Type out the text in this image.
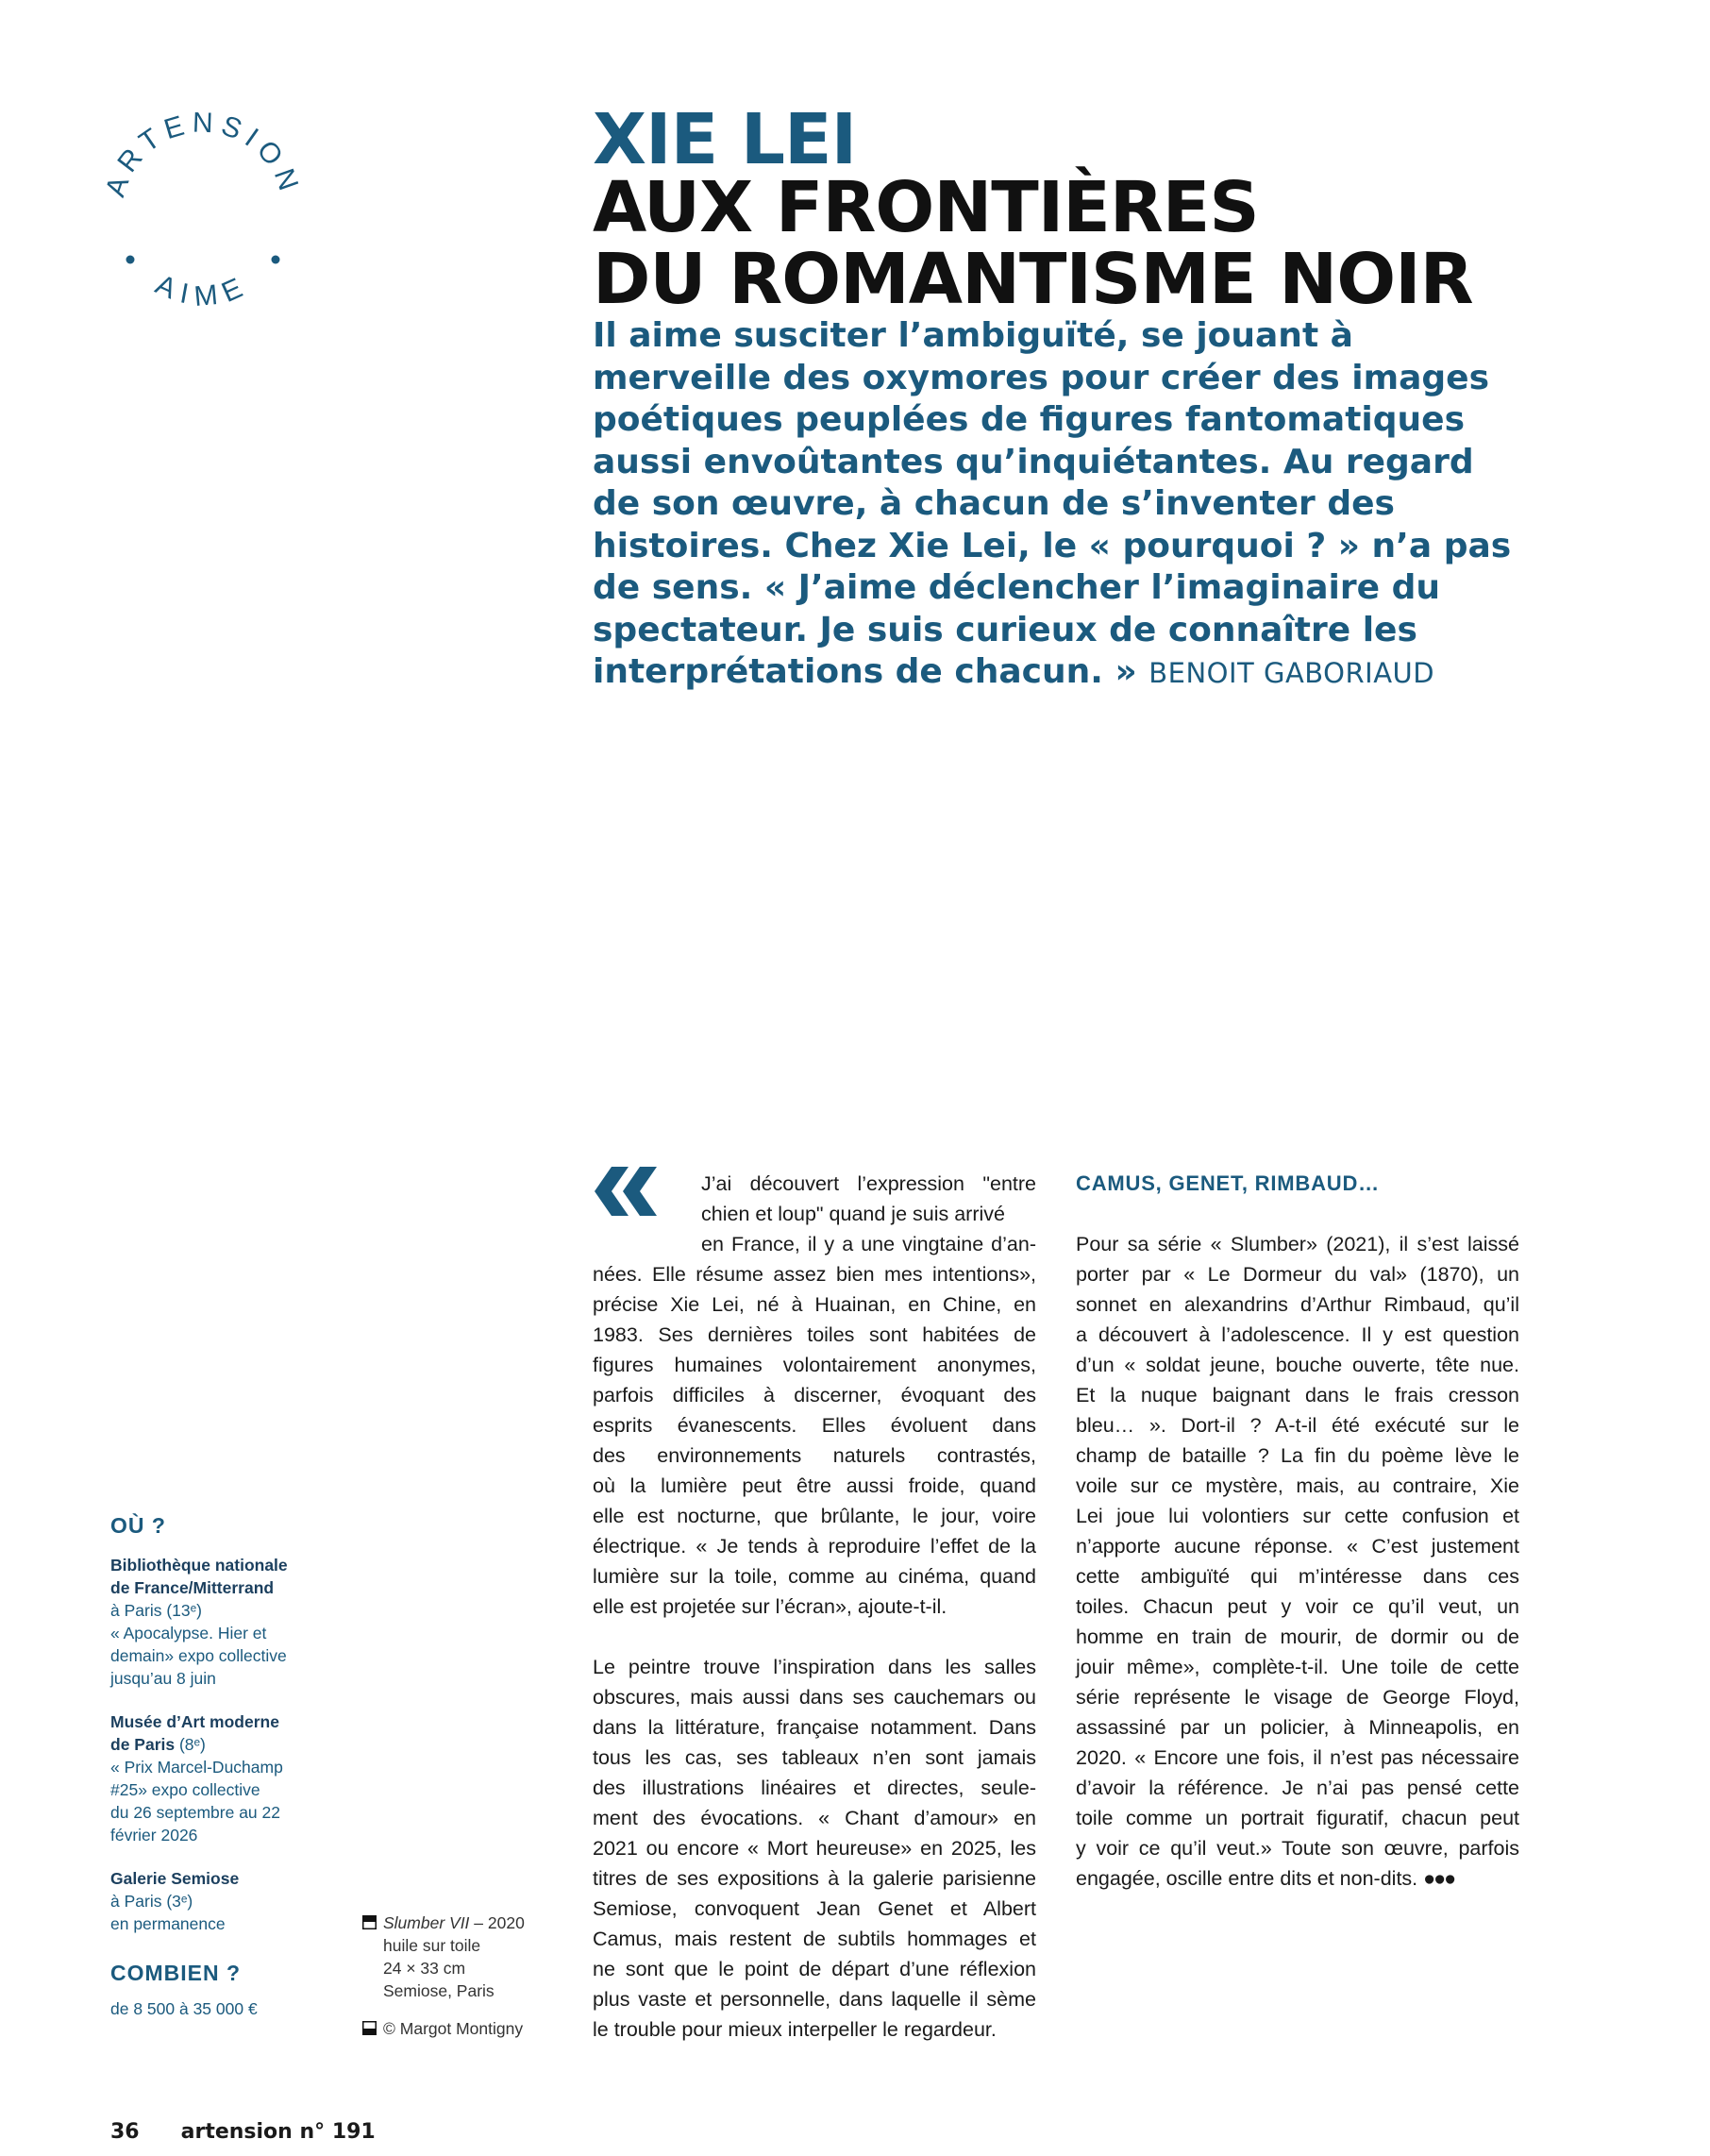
ARTENSION
AIME
XIE LEI
AUX FRONTIÈRES
DU ROMANTISME NOIR
Il aime susciter l’ambiguïté, se jouant à
merveille des oxymores pour créer des images
poétiques peuplées de figures fantomatiques
aussi envoûtantes qu’inquiétantes. Au regard
de son œuvre, à chacun de s’inventer des
histoires. Chez Xie Lei, le « pourquoi ? » n’a pas
de sens. « J’aime déclencher l’imaginaire du
spectateur. Je suis curieux de connaître les
interprétations de chacun. » BENOIT GABORIAUD
J’ai découvert l’expression "entre
chien et loup" quand je suis arrivé
en France, il y a une vingtaine d’an-
nées. Elle résume assez bien mes intentions»,
précise Xie Lei, né à Huainan, en Chine, en
1983. Ses dernières toiles sont habitées de
figures humaines volontairement anonymes,
parfois difficiles à discerner, évoquant des
esprits évanescents. Elles évoluent dans
des environnements naturels contrastés,
où la lumière peut être aussi froide, quand
elle est nocturne, que brûlante, le jour, voire
électrique. « Je tends à reproduire l’effet de la
lumière sur la toile, comme au cinéma, quand
elle est projetée sur l’écran», ajoute-t-il.

Le peintre trouve l’inspiration dans les salles
obscures, mais aussi dans ses cauchemars ou
dans la littérature, française notamment. Dans
tous les cas, ses tableaux n’en sont jamais
des illustrations linéaires et directes, seule-
ment des évocations. « Chant d’amour» en
2021 ou encore « Mort heureuse» en 2025, les
titres de ses expositions à la galerie parisienne
Semiose, convoquent Jean Genet et Albert
Camus, mais restent de subtils hommages et
ne sont que le point de départ d’une réflexion
plus vaste et personnelle, dans laquelle il sème
le trouble pour mieux interpeller le regardeur.
CAMUS, GENET, RIMBAUD…

Pour sa série « Slumber» (2021), il s’est laissé
porter par « Le Dormeur du val» (1870), un
sonnet en alexandrins d’Arthur Rimbaud, qu’il
a découvert à l’adolescence. Il y est question
d’un « soldat jeune, bouche ouverte, tête nue.
Et la nuque baignant dans le frais cresson
bleu… ». Dort-il ? A-t-il été exécuté sur le
champ de bataille ? La fin du poème lève le
voile sur ce mystère, mais, au contraire, Xie
Lei joue lui volontiers sur cette confusion et
n’apporte aucune réponse. « C’est justement
cette ambiguïté qui m’intéresse dans ces
toiles. Chacun peut y voir ce qu’il veut, un
homme en train de mourir, de dormir ou de
jouir même», complète-t-il. Une toile de cette
série représente le visage de George Floyd,
assassiné par un policier, à Minneapolis, en
2020. « Encore une fois, il n’est pas nécessaire
d’avoir la référence. Je n’ai pas pensé cette
toile comme un portrait figuratif, chacun peut
y voir ce qu’il veut.» Toute son œuvre, parfois
engagée, oscille entre dits et non-dits. ●●●
OÙ ?
Bibliothèque nationale
de France/Mitterrand
à Paris (13ᵉ)
« Apocalypse. Hier et
demain» expo collective
jusqu’au 8 juin
Musée d’Art moderne
de Paris (8ᵉ)
« Prix Marcel-Duchamp
#25» expo collective
du 26 septembre au 22
février 2026
Galerie Semiose
à Paris (3ᵉ)
en permanence
COMBIEN ?
de 8 500 à 35 000 €
Slumber VII – 2020
huile sur toile
24 × 33 cm
Semiose, Paris
© Margot Montigny
36 artension n° 191
